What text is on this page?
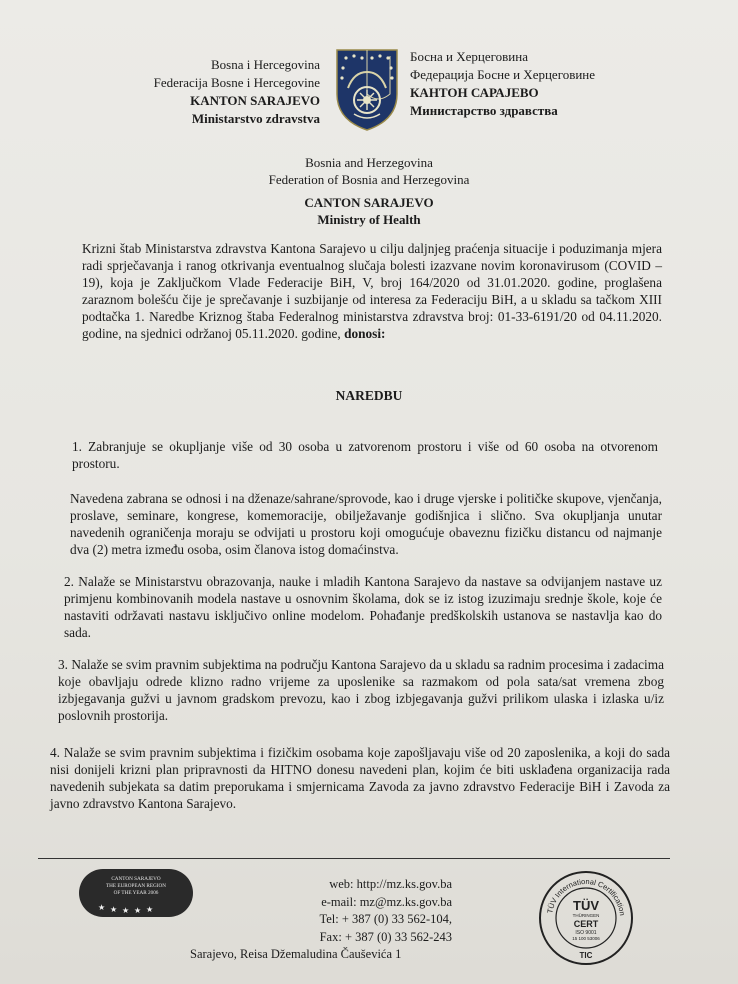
Bosna i Hercegovina
Federacija Bosne i Hercegovine
KANTON SARAJEVO
Ministarstvo zdravstva
Босна и Херцеговина
Федерација Босне и Херцеговине
КАНТОН САРАЈЕВО
Министарство здравства
Bosnia and Herzegovina
Federation of Bosnia and Herzegovina
CANTON SARAJEVO
Ministry of Health
Krizni štab Ministarstva zdravstva Kantona Sarajevo u cilju daljnjeg praćenja situacije i poduzimanja mjera radi sprječavanja i ranog otkrivanja eventualnog slučaja bolesti izazvane novim koronavirusom (COVID – 19), koja je Zaključkom Vlade Federacije BiH, V, broj 164/2020 od 31.01.2020. godine, proglašena zaraznom bolešću čije je sprečavanje i suzbijanje od interesa za Federaciju BiH, a u skladu sa tačkom XIII podtačka 1. Naredbe Kriznog štaba Federalnog ministarstva zdravstva broj: 01-33-6191/20 od 04.11.2020. godine, na sjednici održanoj 05.11.2020. godine, donosi:
NAREDBU
1. Zabranjuje se okupljanje više od 30 osoba u zatvorenom prostoru i više od 60 osoba na otvorenom prostoru.
Navedena zabrana se odnosi i na dženaze/sahrane/sprovode, kao i druge vjerske i političke skupove, vjenčanja, proslave, seminare, kongrese, komemoracije, obilježavanje godišnjica i slično. Sva okupljanja unutar navedenih ograničenja moraju se odvijati u prostoru koji omogućuje obaveznu fizičku distancu od najmanje dva (2) metra između osoba, osim članova istog domaćinstva.
2. Nalaže se Ministarstvu obrazovanja, nauke i mladih Kantona Sarajevo da nastave sa odvijanjem nastave uz primjenu kombinovanih modela nastave u osnovnim školama, dok se iz istog izuzimaju srednje škole, koje će nastaviti održavati nastavu isključivo online modelom. Pohađanje predškolskih ustanova se nastavlja kao do sada.
3. Nalaže se svim pravnim subjektima na području Kantona Sarajevo da u skladu sa radnim procesima i zadacima koje obavljaju odrede klizno radno vrijeme za uposlenike sa razmakom od pola sata/sat vremena zbog izbjegavanja gužvi u javnom gradskom prevozu, kao i zbog izbjegavanja gužvi prilikom ulaska i izlaska u/iz poslovnih prostorija.
4. Nalaže se svim pravnim subjektima i fizičkim osobama koje zapošljavaju više od 20 zaposlenika, a koji do sada nisi donijeli krizni plan pripravnosti da HITNO donesu navedeni plan, kojim će biti usklađena organizacija rada navedenih subjekata sa datim preporukama i smjernicama Zavoda za javno zdravstvo Federacije BiH i Zavoda za javno zdravstvo Kantona Sarajevo.
CANTON SARAJEVO
THE EUROPEAN REGION
OF THE YEAR 2006
★ ★ ★ ★ ★
web: http://mz.ks.gov.ba
e-mail: mz@mz.ks.gov.ba
Tel: + 387 (0) 33 562-104,
Fax: + 387 (0) 33 562-243
Sarajevo, Reisa Džemaludina Čauševića 1
TÜV International Certification
TÜV
THÜRINGEN
CERT
ISO 9001
15 100 53006
TIC
